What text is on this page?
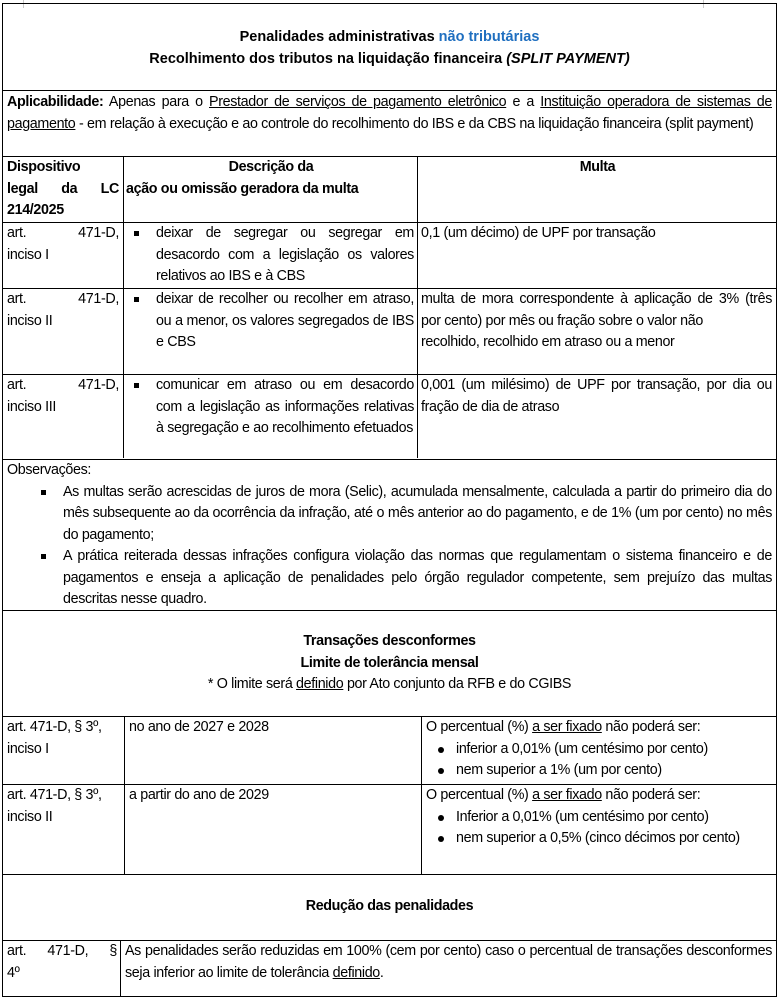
Penalidades administrativas não tributárias
Recolhimento dos tributos na liquidação financeira (SPLIT PAYMENT)
Aplicabilidade: Apenas para o Prestador de serviços de pagamento eletrônico e a Instituição operadora de sistemas de pagamento - em relação à execução e ao controle do recolhimento do IBS e da CBS na liquidação financeira (split payment)
Dispositivo
legal da LC
214/2025
Descrição da
ação ou omissão geradora da multa
Multa
art. 471-D,
inciso I
deixar de segregar ou segregar em desacordo com a legislação os valores relativos ao IBS e à CBS
0,1 (um décimo) de UPF por transação
art. 471-D,
inciso II
deixar de recolher ou recolher em atraso, ou a menor, os valores segregados de IBS e CBS
multa de mora correspondente à aplicação de 3% (três por cento) por mês ou fração sobre o valor não
recolhido, recolhido em atraso ou a menor
art. 471-D,
inciso III
comunicar em atraso ou em desacordo com a legislação as informações relativas à segregação e ao recolhimento efetuados
0,001 (um milésimo) de UPF por transação, por dia ou fração de dia de atraso
Observações:
As multas serão acrescidas de juros de mora (Selic), acumulada mensalmente, calculada a partir do primeiro dia do mês subsequente ao da ocorrência da infração, até o mês anterior ao do pagamento, e de 1% (um por cento) no mês do pagamento;
A prática reiterada dessas infrações configura violação das normas que regulamentam o sistema financeiro e de pagamentos e enseja a aplicação de penalidades pelo órgão regulador competente, sem prejuízo das multas descritas nesse quadro.
Transações desconformes
Limite de tolerância mensal
* O limite será definido por Ato conjunto da RFB e do CGIBS
art. 471-D, § 3º,
inciso I
no ano de 2027 e 2028	O percentual (%) a ser fixado não poderá ser:
inferior a 0,01% (um centésimo por cento)
nem superior a 1% (um por cento)
art. 471-D, § 3º,
inciso II
a partir do ano de 2029	O percentual (%) a ser fixado não poderá ser:
Inferior a 0,01% (um centésimo por cento)
nem superior a 0,5% (cinco décimos por cento)
Redução das penalidades
art. 471-D, §
4º
As penalidades serão reduzidas em 100% (cem por cento) caso o percentual de transações desconformes seja inferior ao limite de tolerância definido.
